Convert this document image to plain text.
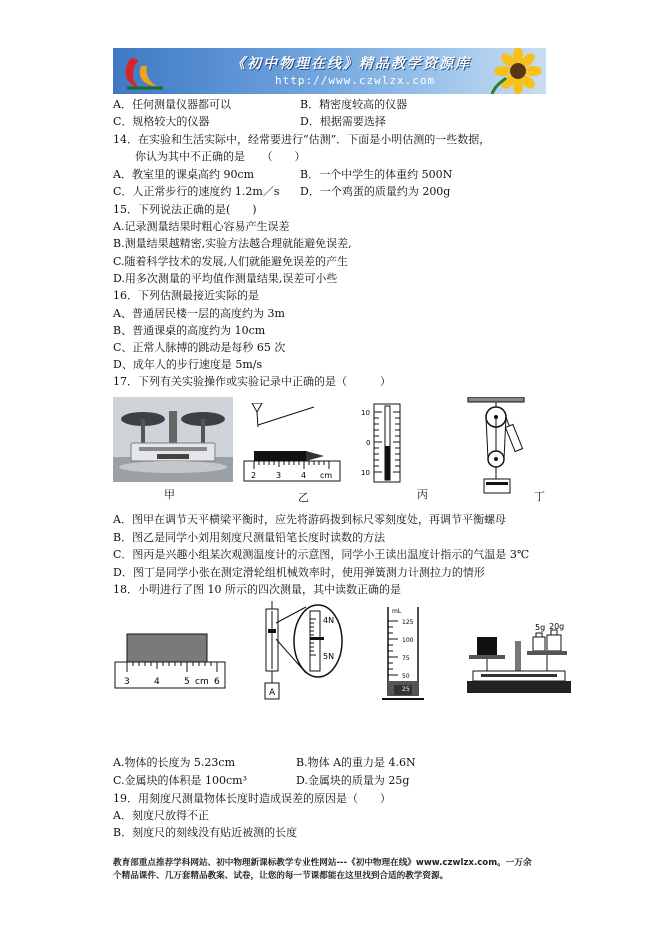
《初中物理在线》精品教学资源库
http://www.czwlzx.com
A．任何测量仪器都可以	B．精密度较高的仪器
C．规格较大的仪器	D．根据需要选择
14．在实验和生活实际中，经常要进行“估测”．下面是小明估测的一些数据，
你认为其中不正确的是　　（　　）
A．教室里的课桌高约 90cm	B．一个中学生的体重约 500N
C．人正常步行的速度约 1.2m／s D．一个鸡蛋的质量约为 200g
15．下列说法正确的是(　　)
A.记录测量结果时粗心容易产生误差
B.测量结果越精密,实验方法越合理就能避免误差,
C.随着科学技术的发展,人们就能避免误差的产生
D.用多次测量的平均值作测量结果,误差可小些
16．下列估测最接近实际的是
A、普通居民楼一层的高度约为 3m
B、普通课桌的高度约为 10cm
C、正常人脉搏的跳动是每秒 65 次
D、成年人的步行速度是 5m/s
17．下列有关实验操作或实验记录中正确的是（　　　）
甲
2 3 4 cm
乙
10
0
10
丙	丁
A．图甲在调节天平横梁平衡时，应先将游码拨到标尺零刻度处，再调节平衡螺母
B．图乙是同学小刘用刻度尺测量铅笔长度时读数的方法
C．图丙是兴趣小组某次观测温度计的示意图，同学小王读出温度计指示的气温是 3℃
D．图丁是同学小张在测定滑轮组机械效率时，使用弹簧测力计测拉力的情形
18．小明进行了图 10 所示的四次测量，其中读数正确的是
3	4	5 cm 6
A
4N
5N
mL
125
100
75
50
25
5g 20g
A.物体的长度为 5.23cm	B.物体 A的重力是 4.6N
C.金属块的体积是 100cm³	D.金属块的质量为 25g
19．用刻度尺测量物体长度时造成误差的原因是（　　）
A．刻度尺放得不正
B．刻度尺的刻线没有贴近被测的长度
教育部重点推荐学科网站、初中物理新课标教学专业性网站---《初中物理在线》www.czwlzx.com。一万余
个精品课件、几万套精品教案、试卷，让您的每一节课都能在这里找到合适的教学资源。
